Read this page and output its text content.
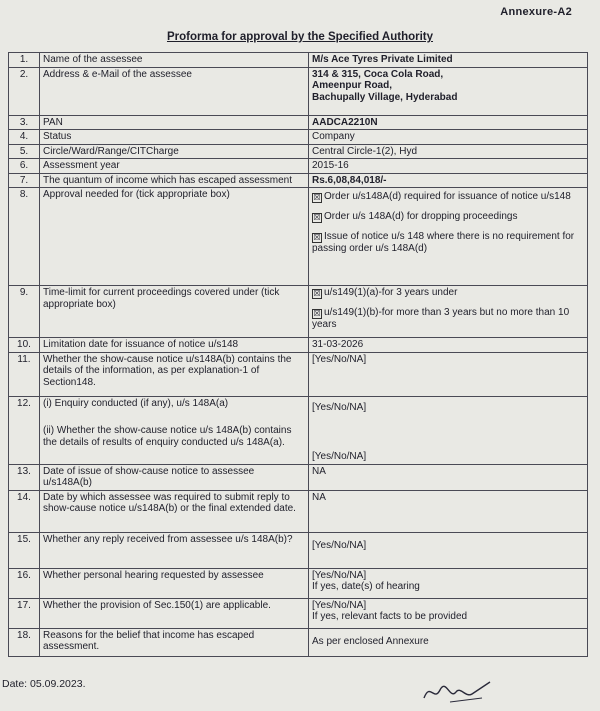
Annexure-A2
Proforma for approval by the Specified Authority
1.	Name of the assessee	M/s Ace Tyres Private Limited
2.	Address & e-Mail of the assessee	314 & 315, Coca Cola Road,
Ameenpur Road,
Bachupally Village, Hyderabad

3.	PAN	AADCA2210N
4.	Status	Company
5.	Circle/Ward/Range/CITCharge	Central Circle-1(2), Hyd
6.	Assessment year	2015-16
7.	The quantum of income which has escaped assessment	Rs.6,08,84,018/-
8.	Approval needed for (tick appropriate box)	☒ Order u/s148A(d) required for issuance of notice u/s148
☒ Order u/s 148A(d) for dropping proceedings
☒ Issue of notice u/s 148 where there is no requirement for passing order u/s 148A(d)

9.	Time-limit for current proceedings covered under (tick appropriate box)	☒ u/s149(1)(a)-for 3 years under
☒ u/s149(1)(b)-for more than 3 years but no more than 10 years

10.	Limitation date for issuance of notice u/s148	31-03-2026
11.	Whether the show-cause notice u/s148A(b) contains the details of the information, as per explanation-1 of Section148.	[Yes/No/NA]
12.	(i) Enquiry conducted (if any), u/s 148A(a)
(ii) Whether the show-cause notice u/s 148A(b) contains the details of results of enquiry conducted u/s 148A(a).	[Yes/No/NA]
[Yes/No/NA]

13.	Date of issue of show-cause notice to assessee u/s148A(b)	NA
14.	Date by which assessee was required to submit reply to show-cause notice u/s148A(b) or the final extended date.	NA
15.	Whether any reply received from assessee u/s 148A(b)?	[Yes/No/NA]

16.	Whether personal hearing requested by assessee	[Yes/No/NA]
If yes, date(s) of hearing

17.	Whether the provision of Sec.150(1) are applicable.	[Yes/No/NA]
If yes, relevant facts to be provided

18.	Reasons for the belief that income has escaped assessment.	As per enclosed Annexure
Date: 05.09.2023.
